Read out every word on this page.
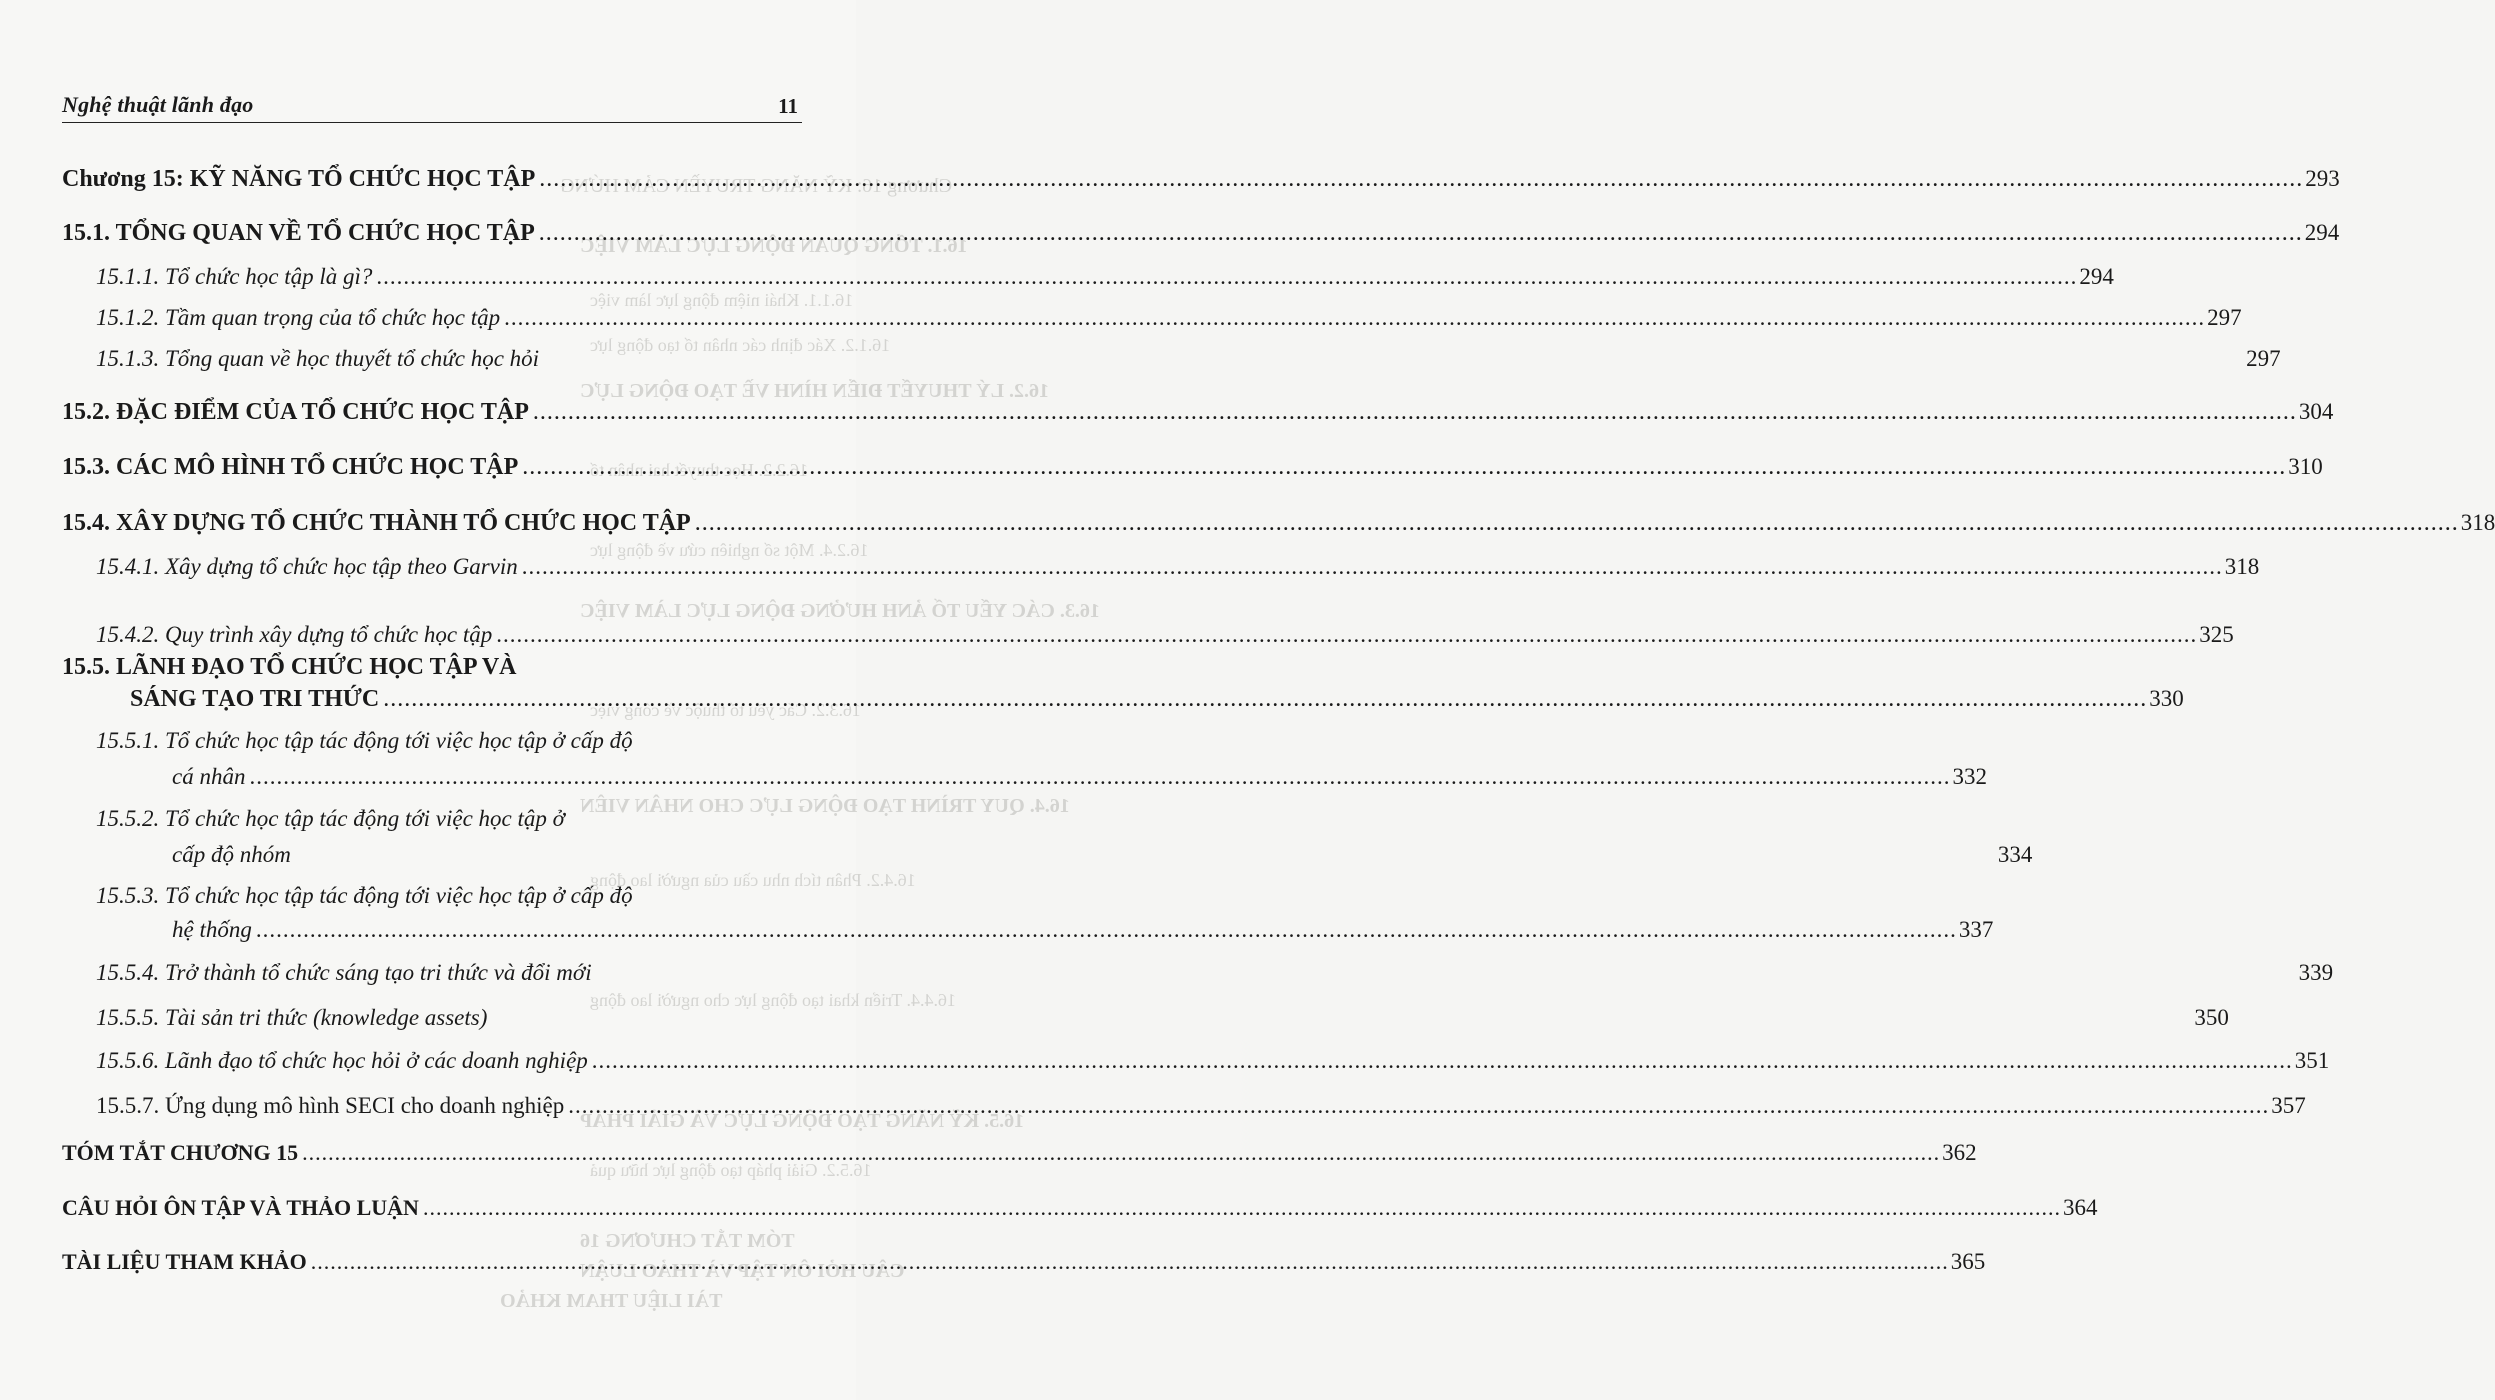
Chương 16: KỸ NĂNG TRUYỀN CẢM HỨNG
16.1. TỔNG QUAN ĐỘNG LỰC LÀM VIỆC
16.1.1. Khái niệm động lực làm việc
16.1.2. Xác định các nhân tố tạo động lực
16.2. LÝ THUYẾT ĐIỂN HÌNH VỀ TẠO ĐỘNG LỰC
16.2.2. Học thuyết hai nhân tố
16.2.4. Một số nghiên cứu về động lực
16.3. CÁC YẾU TỐ ẢNH HƯỞNG ĐỘNG LỰC LÀM VIỆC
16.3.2. Các yếu tố thuộc về công việc
16.4. QUY TRÌNH TẠO ĐỘNG LỰC CHO NHÂN VIÊN
16.4.2. Phân tích nhu cầu của người lao động
16.4.4. Triển khai tạo động lực cho người lao động
16.5. KỸ NĂNG TẠO ĐỘNG LỰC VÀ GIẢI PHÁP
16.5.2. Giải pháp tạo động lực hữu quả
TÓM TẮT CHƯƠNG 16
CÂU HỎI ÔN TẬP VÀ THẢO LUẬN
TÀI LIỆU THAM KHẢO
Nghệ thuật lãnh đạo	11
Chương 15: KỸ NĂNG TỔ CHỨC HỌC TẬP .....	293
15.1. TỔNG QUAN VỀ TỔ CHỨC HỌC TẬP .....	294
15.1.1. Tổ chức học tập là gì? .....	294
15.1.2. Tầm quan trọng của tổ chức học tập .....	297
15.1.3. Tổng quan về học thuyết tổ chức học hỏi	297
15.2. ĐẶC ĐIỂM CỦA TỔ CHỨC HỌC TẬP .....	304
15.3. CÁC MÔ HÌNH TỔ CHỨC HỌC TẬP .....	310
15.4. XÂY DỰNG TỔ CHỨC THÀNH TỔ CHỨC HỌC TẬP .....	318
15.4.1. Xây dựng tổ chức học tập theo Garvin .....	318
15.4.2. Quy trình xây dựng tổ chức học tập .....	325
15.5. LÃNH ĐẠO TỔ CHỨC HỌC TẬP VÀ
SÁNG TẠO TRI THỨC .....	330
15.5.1. Tổ chức học tập tác động tới việc học tập ở cấp độ
cá nhân .....	332
15.5.2. Tổ chức học tập tác động tới việc học tập ở
cấp độ nhóm	334
15.5.3. Tổ chức học tập tác động tới việc học tập ở cấp độ
hệ thống .....	337
15.5.4. Trở thành tổ chức sáng tạo tri thức và đổi mới	339
15.5.5. Tài sản tri thức (knowledge assets)	350
15.5.6. Lãnh đạo tổ chức học hỏi ở các doanh nghiệp .....	351
15.5.7. Ứng dụng mô hình SECI cho doanh nghiệp .....	357
TÓM TẮT CHƯƠNG 15 .....	362
CÂU HỎI ÔN TẬP VÀ THẢO LUẬN .....	364
TÀI LIỆU THAM KHẢO .....	365
